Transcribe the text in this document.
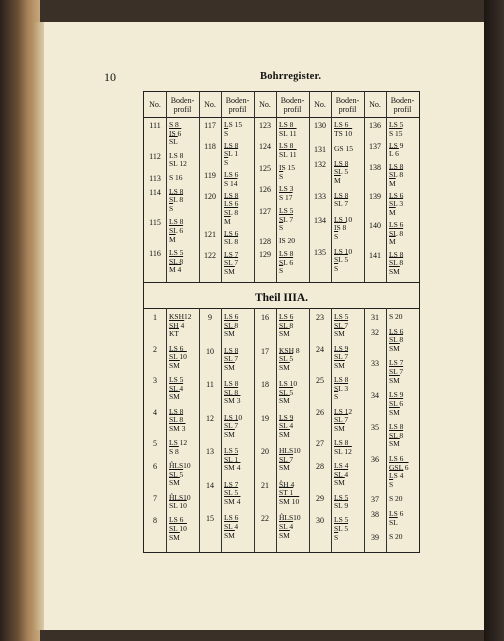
10	Bohrregister.
Theil IIIA.
No.	Boden-
profil	No.	Boden-
profil	No.	Boden-
profil	No.	Boden-
profil	No.	Boden-
profil
111	S 8
IS 6
$\overline{SL}$
112	LS 8
SL 12
113	S 16
114	LS 8
SL 8
$\overline{S}$
115	LS 8
SL 6
$\overline{M}$
116	LS 5
SL 8
M 4
117	LS 15
$\overline{S}$
118	LS 8
SL 1
$\overline{S}$
119	LS 6
S 14
120	LS 8
LS 6
SL 8
$\overline{M}$
121	LS 6
SL 8
122	LS 7
SL 7
$\overline{SM}$
123	LS 8
SL 11
124	LS 8
SL 11
125	IS 15
$\overline{S}$
126	LS 3
S 17
127	LS 5
SL 7
$\overline{S}$
128	IS 20
129	LS 8
SL 6
$\overline{S}$
130	LS 6
TS 10
131	GS 15
132	LS 8
SL 5
$\overline{M}$
133	LS 8
SL 7
134	LS 10
IS 8
$\overline{S}$
135	LS 10
SL 5
$\overline{S}$
136	LS 5
S 15
137	LS 9
L 6
138	LS 8
SL 8
$\overline{M}$
139	LS 6
SL 3
$\overline{M}$
140	LS 6
SL 8
$\overline{M}$
141	LS 8
SL 8
$\overline{SM}$
1	KSH12
SH 4
$\overline{KT}$
2	LS 6
SL 10
$\overline{SM}$
3	LS 5
SL 4
$\overline{SM}$
4	LS 8
SL 8
SM 3
5	LS 12
S 8
6	ĤLS10
SL 5
$\overline{SM}$
7	ĤLS10
SL 10
8	LS 6
SL 10
$\overline{SM}$
9	LS 6
SL 8
$\overline{SM}$
10	LS 8
SL 7
$\overline{SM}$
11	LS 8
SL 8
SM 3
12	LS 10
SL 7
$\overline{SM}$
13	LS 5
SL 1
SM 4
14	LS 7
SL 5
SM 4
15	LS 6
SL 4
$\overline{SM}$
16	LS 6
SL 8
$\overline{SM}$
17	KSH 8
SL 5
$\overline{SM}$
18	LS 10
SL 5
$\overline{SM}$
19	LS 9
SL 4
$\overline{SM}$
20	HLS10
SL 7
$\overline{SM}$
21	ŜH 4
ST 1
SM 10
22	ĤLS10
SL 4
$\overline{SM}$
23	LS 5
SL 7
$\overline{SM}$
24	LS 9
SL 7
$\overline{SM}$
25	LS 8
SL 3
$\overline{S}$
26	LS 12
SL 7
$\overline{SM}$
27	LS 8
SL 12
28	LS 4
SL 4
$\overline{SM}$
29	LS 5
SL 9
30	LS 5
SL 5
$\overline{S}$
31	S 20
32	LS 6
SL 8
$\overline{SM}$
33	LS 7
SL 7
$\overline{SM}$
34	LS 9
SL 6
$\overline{SM}$
35	LS 8
SL 8
$\overline{SM}$
36	LS 6
GSL 6
LS 4
$\overline{S}$
37	S 20
38	LS 6
$\overline{SL}$
39	S 20
